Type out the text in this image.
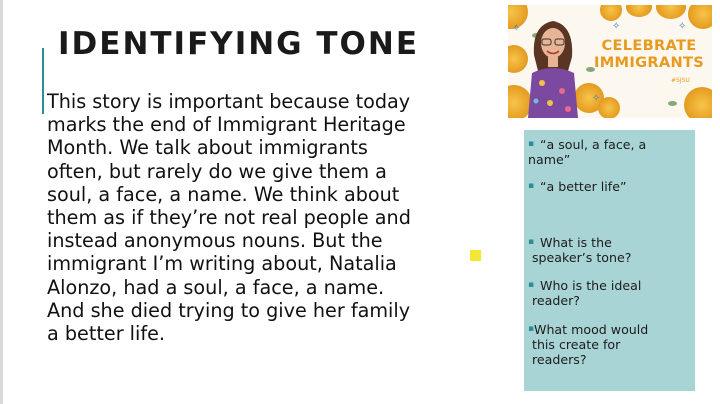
IDENTIFYING TONE
This story is important because today
marks the end of Immigrant Heritage
Month. We talk about immigrants
often, but rarely do we give them a
soul, a face, a name. We think about
them as if they’re not real people and
instead anonymous nouns. But the
immigrant I’m writing about, Natalia
Alonzo, had a soul, a face, a name.
And she died trying to give her family
a better life.
✧	✧	✧
✧
CELEBRATE
IMMIGRANTS
#SJSU
▪ “a soul, a face, a
name”
▪ “a better life”
▪ What is the
speaker’s tone?
▪ Who is the ideal
reader?
▪ What mood would
this create for
readers?
